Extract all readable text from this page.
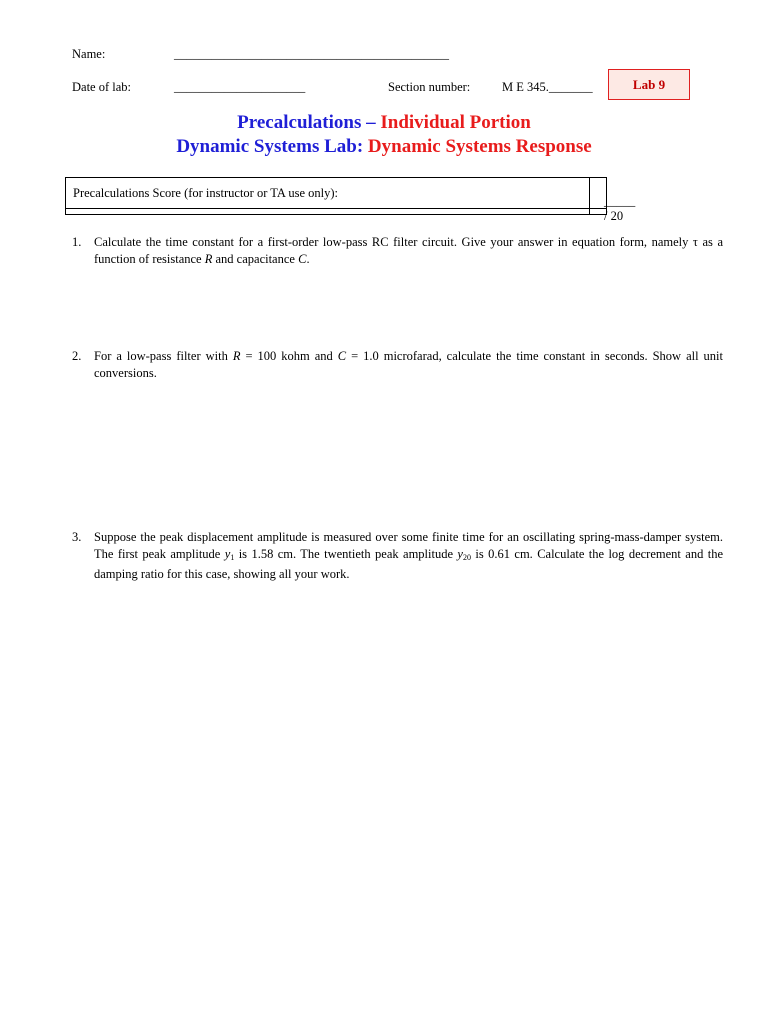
Name:	____________________________________________
Date of lab:	_____________________	Section number:	M E 345._______	Lab 9
Precalculations – Individual Portion
Dynamic Systems Lab: Dynamic Systems Response
Precalculations Score (for instructor or TA use only):
_____ / 20
1. Calculate the time constant for a first-order low-pass RC filter circuit. Give your answer in equation form, namely τ as a function of resistance R and capacitance C.
2. For a low-pass filter with R = 100 kohm and C = 1.0 microfarad, calculate the time constant in seconds. Show all unit conversions.
3. Suppose the peak displacement amplitude is measured over some finite time for an oscillating spring-mass-damper system. The first peak amplitude $y_1$ is 1.58 cm. The twentieth peak amplitude $y_{20}$ is 0.61 cm. Calculate the log decrement and the damping ratio for this case, showing all your work.
